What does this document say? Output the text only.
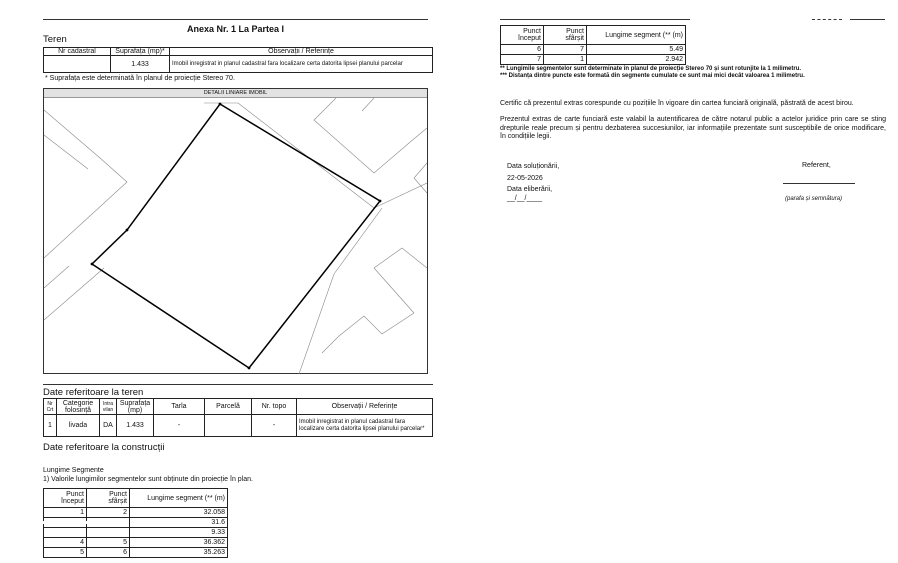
Anexa Nr. 1 La Partea I
Teren
Nr cadastral	Suprafața (mp)*	Observații / Referințe
	1.433	Imobil inregistrat in planul cadastral fara localizare certa datorita lipsei planului parcelar
* Suprafața este determinată în planul de proiecție Stereo 70.
DETALII LINIARE IMOBIL
Date referitoare la teren
Nr Crt	Categorie folosință	Intra vilan	Suprafața (mp)	Tarla	Parcelă	Nr. topo	Observații / Referințe
1	livada	DA	1.433	-		-	Imobil inregistrat in planul cadastral fara localizare certa datorita lipsei planului parcelar*
Date referitoare la construcții
Lungime Segmente
1) Valorile lungimilor segmentelor sunt obținute din proiecție în plan.
Punct început	Punct sfârșit	Lungime segment (** (m)
1	2	32.058
		31.6
		9.33
4	5	36.362
5	6	35.263
Punct început	Punct sfârșit	Lungime segment (** (m)
6	7	5.49
7	1	2.942
** Lungimile segmentelor sunt determinate în planul de proiecție Stereo 70 și sunt rotunjite la 1 milimetru.
*** Distanța dintre puncte este formată din segmente cumulate ce sunt mai mici decât valoarea 1 milimetru.
Certific că prezentul extras corespunde cu pozițiile în vigoare din cartea funciară originală, păstrată de acest birou.
Prezentul extras de carte funciară este valabil la autentificarea de către notarul public a actelor juridice prin care se sting drepturile reale precum și pentru dezbaterea succesiunilor, iar informațiile prezentate sunt susceptibile de orice modificare, în condițiile legii.
Data soluționării,
22-05-2026
Data eliberării,
__/__/____
Referent,
(parafa și semnătura)
